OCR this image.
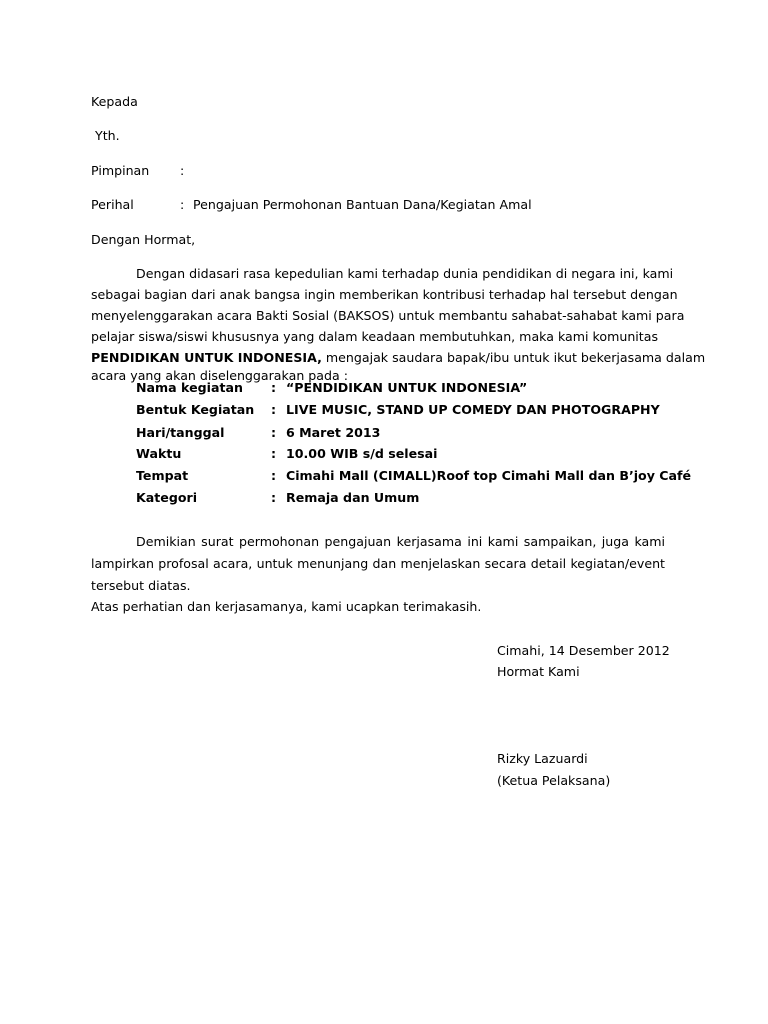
Kepada
Yth.
Pimpinan :
Perihal	: Pengajuan Permohonan Bantuan Dana/Kegiatan Amal
Dengan Hormat,
Dengan didasari rasa kepedulian kami terhadap dunia pendidikan di negara ini, kami
sebagai bagian dari anak bangsa ingin memberikan kontribusi terhadap hal tersebut dengan
menyelenggarakan acara Bakti Sosial (BAKSOS) untuk membantu sahabat-sahabat kami para
pelajar siswa/siswi khususnya yang dalam keadaan membutuhkan, maka kami komunitas
PENDIDIKAN UNTUK INDONESIA, mengajak saudara bapak/ibu untuk ikut bekerjasama dalam
acara yang akan diselenggarakan pada :
Nama kegiatan : “PENDIDIKAN UNTUK INDONESIA”
Bentuk Kegiatan : LIVE MUSIC, STAND UP COMEDY DAN PHOTOGRAPHY
Hari/tanggal	: 6 Maret 2013
Waktu	: 10.00 WIB s/d selesai
Tempat	: Cimahi Mall (CIMALL)Roof top Cimahi Mall dan B’joy Café
Kategori	: Remaja dan Umum
Demikian surat permohonan pengajuan kerjasama ini kami sampaikan, juga kami
lampirkan profosal acara, untuk menunjang dan menjelaskan secara detail kegiatan/event
tersebut diatas.
Atas perhatian dan kerjasamanya, kami ucapkan terimakasih.
Cimahi, 14 Desember 2012
Hormat Kami
Rizky Lazuardi
(Ketua Pelaksana)
